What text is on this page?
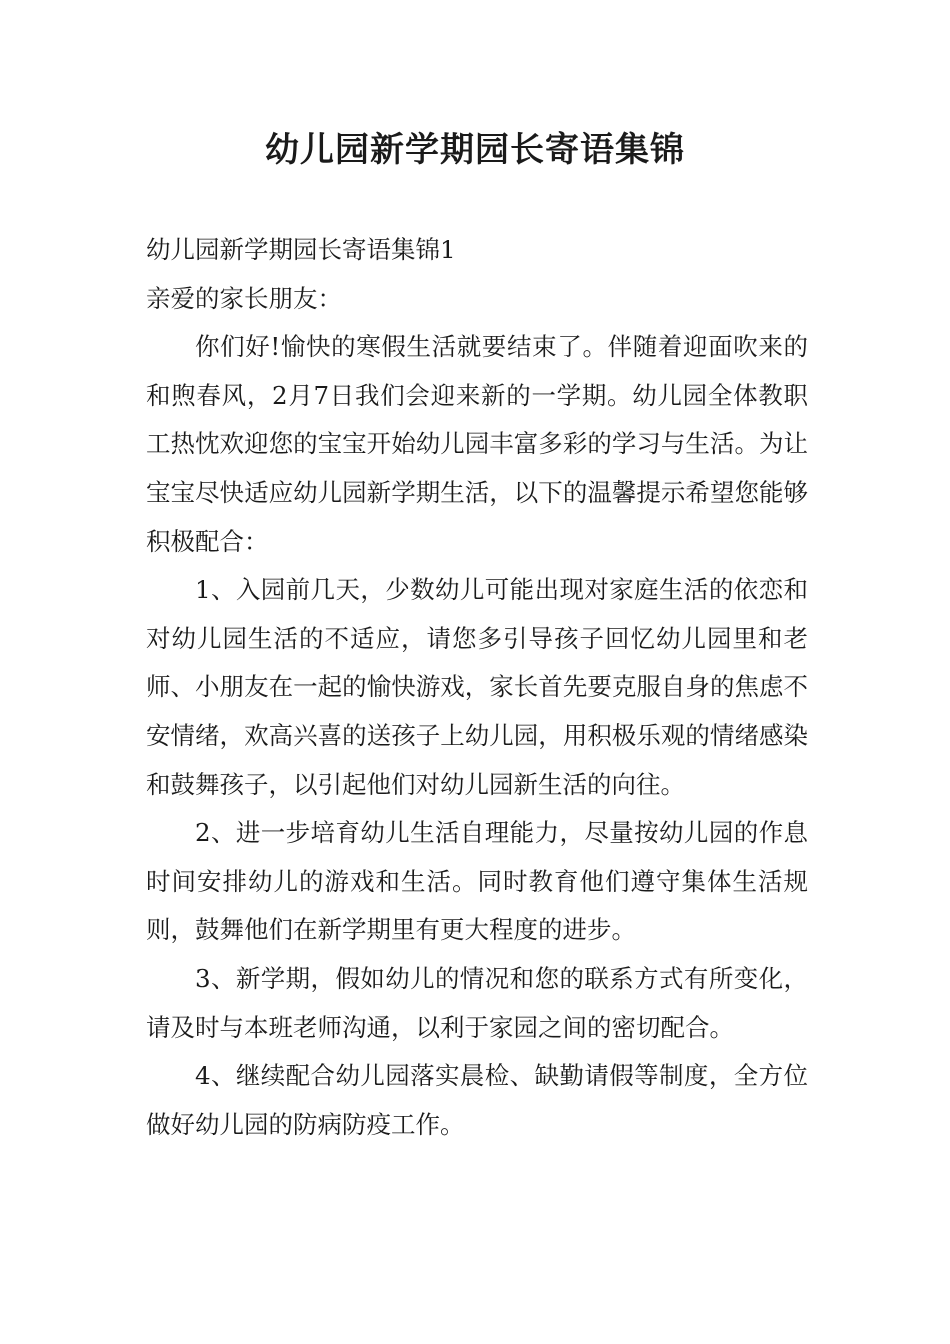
幼儿园新学期园长寄语集锦

幼儿园新学期园长寄语集锦1

亲爱的家长朋友：

你们好!愉快的寒假生活就要结束了。伴随着迎面吹来的和煦春风，2月7日我们会迎来新的一学期。幼儿园全体教职工热忱欢迎您的宝宝开始幼儿园丰富多彩的学习与生活。为让宝宝尽快适应幼儿园新学期生活，以下的温馨提示希望您能够积极配合：

1、入园前几天，少数幼儿可能出现对家庭生活的依恋和对幼儿园生活的不适应，请您多引导孩子回忆幼儿园里和老师、小朋友在一起的愉快游戏，家长首先要克服自身的焦虑不安情绪，欢高兴喜的送孩子上幼儿园，用积极乐观的情绪感染和鼓舞孩子，以引起他们对幼儿园新生活的向往。

2、进一步培育幼儿生活自理能力，尽量按幼儿园的作息时间安排幼儿的游戏和生活。同时教育他们遵守集体生活规则，鼓舞他们在新学期里有更大程度的进步。

3、新学期，假如幼儿的情况和您的联系方式有所变化，请及时与本班老师沟通，以利于家园之间的密切配合。

4、继续配合幼儿园落实晨检、缺勤请假等制度，全方位做好幼儿园的防病防疫工作。
